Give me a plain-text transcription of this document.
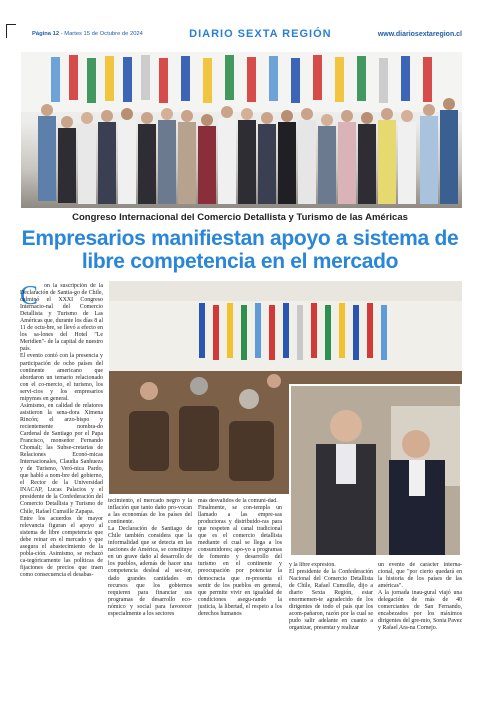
Página 12 - Martes 15 de Octubre de 2024	DIARIO SEXTA REGIÓN	www.diariosextaregion.cl
Congreso Internacional del Comercio Detallista y Turismo de las Américas
Empresarios manifiestan apoyo a sistema de libre competencia en el mercado
C	on la suscripción de la Declaración de Santia-go de Chile, culminó el XXXI Congreso Internacio-nal del Comercio Detallista y Turismo de Las Américas que, durante los días 8 al 11 de octu-bre, se llevó a efecto en los sa-lones del Hotel "Le Meridien"- de la capital de nuestro país.
El evento contó con la presencia y participación de ocho países del continente americano que abordaron un temario relacionado con el co-mercio, el turismo, los servi-cios y los empresarios mipymes en general.
Asimismo, en calidad de relatores asistieron la sena-dora Ximena Rincón; el arzo-bispo y recientemente nombra-do Cardenal de Santiago por el Papa Francisco, monseñor Fernando Chomali; las Subse-cretarias de Relaciones Econó-micas Internacionales, Claudia Sanhueza y de Turismo, Veró-nica Pardo, que habló a nom-bre del gobierno, el Rector de la Universidad INACAP, Lucas Palacios y el presidente de la Confederación del Comercio Detallista y Turismo de Chile, Rafael Cumsille Zapapa.
Entre los acuerdos de mayor relevancia figuran el apoyo al sistema de libre competencia que debe reinar en el mercado y que asegura el abastecimiento de la pobla-ción. Asimismo, se rechazó ca-tegóricamente las políticas de fijaciones de precios que traen como consecuencia el desabas-
tecimiento, el mercado negro y la inflación que tanto daño pro-vocan a las economías de los países del continente.
La Declaración de Santiago de Chile también considera que la informalidad que se detecta en las naciones de América, se constituye en un grave daño al desarrollo de los pueblos, además de hacer una competencia desleal al sec-tor, dado grandes cantidades en recursos que los gobiernos requieren para financiar sus programas de desarrollo eco-nómico y social para favorecer especialmente a los sectores
más desvalidos de la comuni-dad.
Finalmente, se con-templa un llamado a las empre-sas productoras y distribuido-ras para que respeten al canal tradicional que es el comercio detallista mediante el cual se llega a los consumidores; apo-yo a programas de fomento y desarrollo del turismo en el continente y preocupación por potenciar la democracia que re-presenta el sentir de los pueblos en general, que permite vivir en igualdad de condiciones asegu-rando la justicia, la libertad, el respeto a los derechos humanos
y la libre expresión.
El presidente de la Confederación Nacional del Comercio Detallista de Chile, Rafael Cumsille, dijo a diario Sexta Región, estar enormemen-te agradecido de los dirigentes de todo el país que los acom-pañaron, razón por la cual se pudo salir adelante en cuanto a organizar, presentar y realizar
un evento de carácter interna-cional, que "por cierto quedará en la historia de los países de las américas".
A la jornada inau-gural viajó una delegación de más de 40 comerciantes de San Fernando, encabezados por los máximos dirigentes del gre-mio, Sonia Pavez y Rafael Ara-na Cornejo.
